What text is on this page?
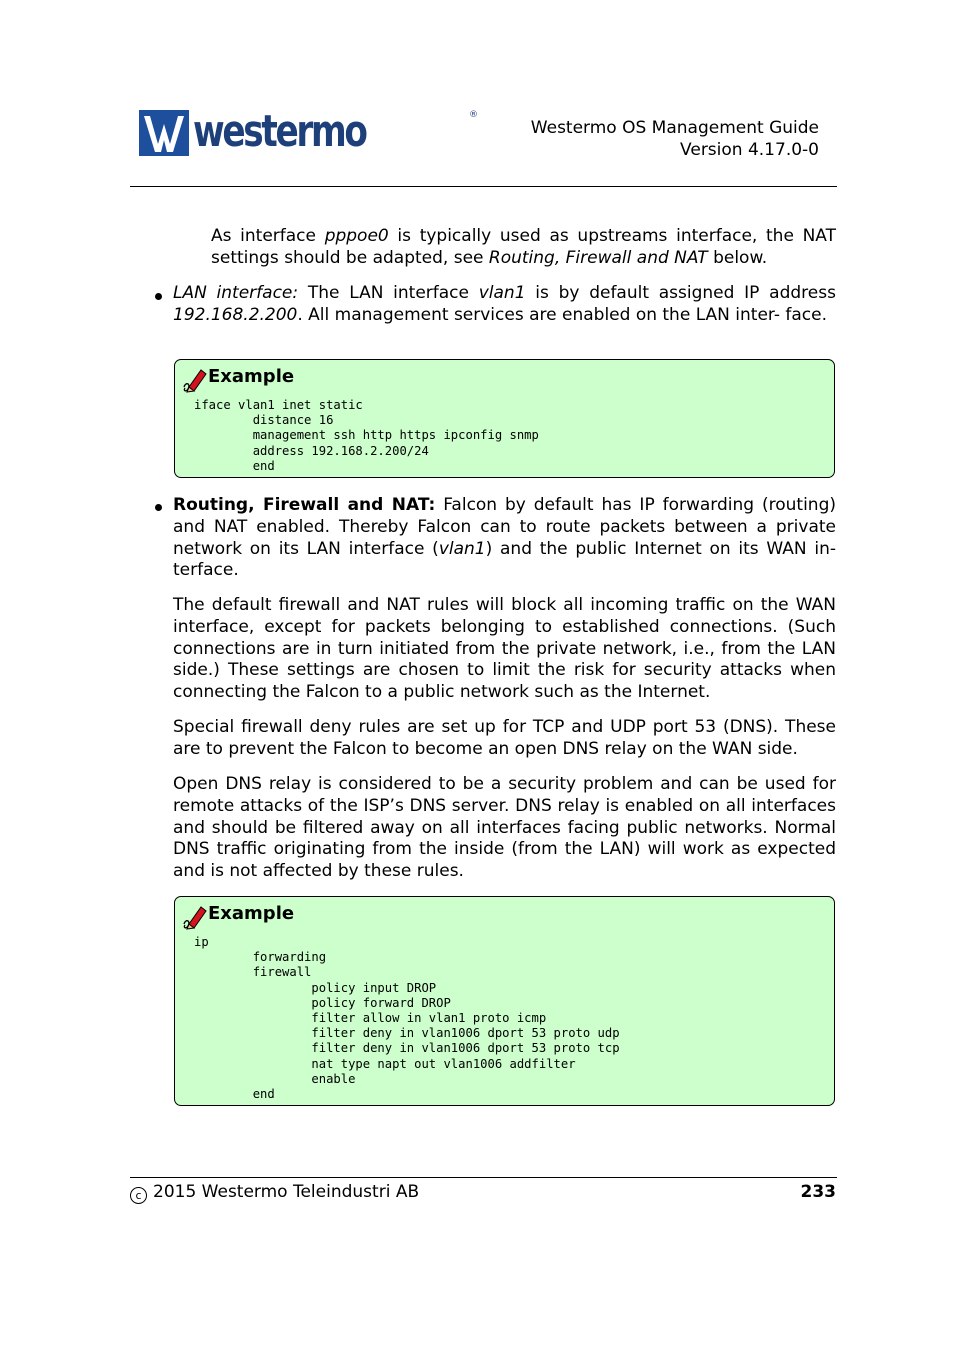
westermo	®
Westermo OS Management Guide
Version 4.17.0-0

As interface pppoe0 is typically used as upstreams interface, the NAT settings should be adapted, see Routing, Firewall and NAT below.

LAN interface: The LAN interface vlan1 is by default assigned IP address 192.168.2.200. All management services are enabled on the LAN inter- face.

Example
iface vlan1 inet static
distance 16
management ssh http https ipconfig snmp
address 192.168.2.200/24
end

Routing, Firewall and NAT: Falcon by default has IP forwarding (routing) and NAT enabled. Thereby Falcon can to route packets between a private network on its LAN interface (vlan1) and the public Internet on its WAN in- terface.

The default firewall and NAT rules will block all incoming traffic on the WAN interface, except for packets belonging to established connections. (Such connections are in turn initiated from the private network, i.e., from the LAN side.) These settings are chosen to limit the risk for security attacks when connecting the Falcon to a public network such as the Internet.

Special firewall deny rules are set up for TCP and UDP port 53 (DNS). These are to prevent the Falcon to become an open DNS relay on the WAN side.

Open DNS relay is considered to be a security problem and can be used for remote attacks of the ISP’s DNS server. DNS relay is enabled on all interfaces and should be filtered away on all interfaces facing public networks. Normal DNS traffic originating from the inside (from the LAN) will work as expected and is not affected by these rules.

Example
ip
forwarding
firewall
policy input DROP
policy forward DROP
filter allow in vlan1 proto icmp
filter deny in vlan1006 dport 53 proto udp
filter deny in vlan1006 dport 53 proto tcp
nat type napt out vlan1006 addfilter
enable
end
c 2015 Westermo Teleindustri AB	233
